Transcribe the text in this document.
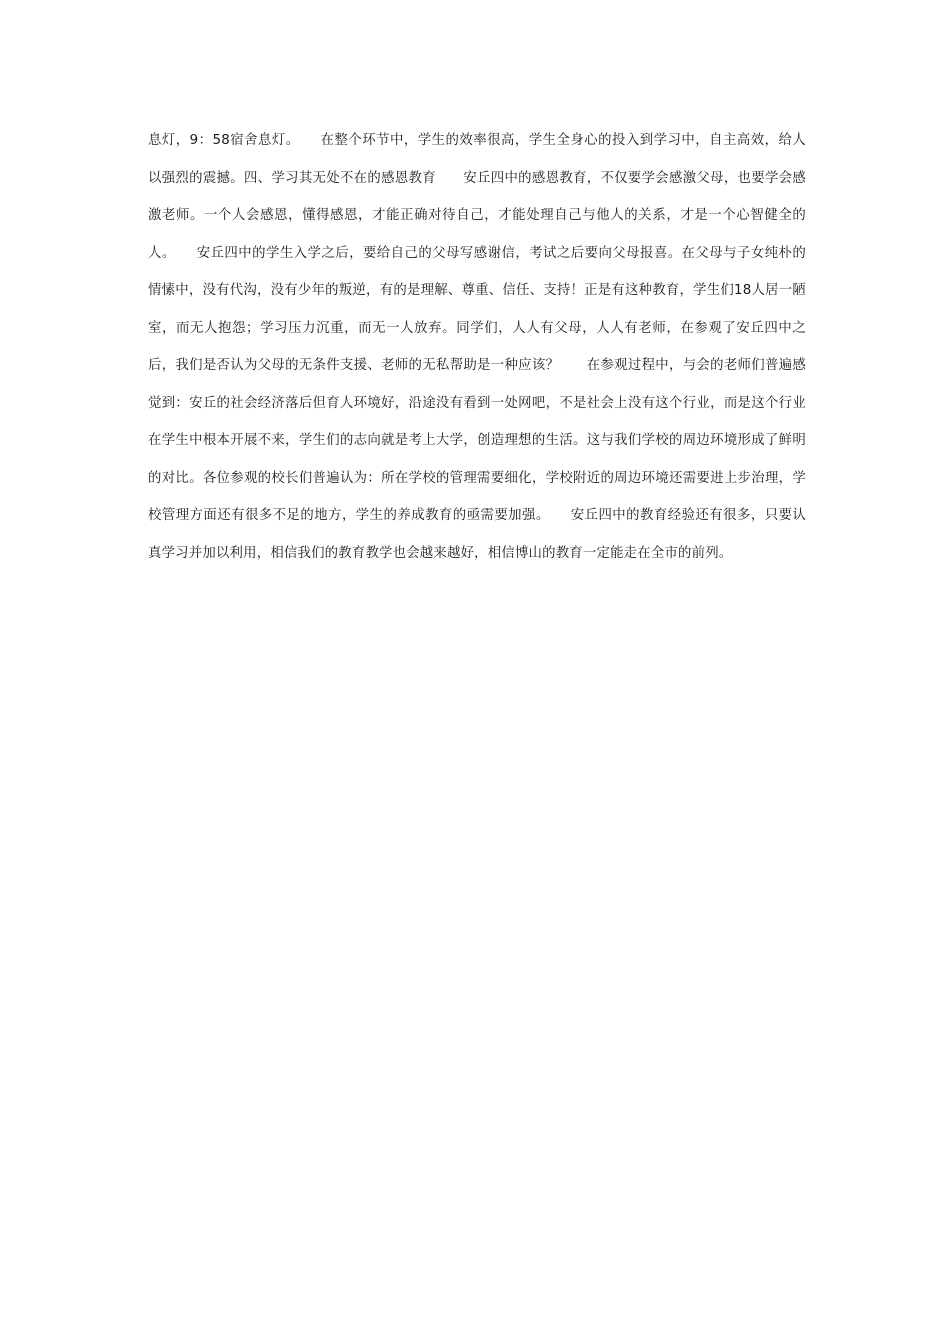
息灯，9：58宿舍息灯。　　在整个环节中，学生的效率很高，学生全身心的投入到学习中，自主高效，给人以强烈的震撼。四、学习其无处不在的感恩教育　　安丘四中的感恩教育，不仅要学会感激父母，也要学会感激老师。一个人会感恩，懂得感恩，才能正确对待自己，才能处理自己与他人的关系，才是一个心智健全的人。　　安丘四中的学生入学之后，要给自己的父母写感谢信，考试之后要向父母报喜。在父母与子女纯朴的情愫中，没有代沟，没有少年的叛逆，有的是理解、尊重、信任、支持！正是有这种教育，学生们18人居一陋室，而无人抱怨；学习压力沉重，而无一人放弃。同学们，人人有父母，人人有老师，在参观了安丘四中之后，我们是否认为父母的无条件支援、老师的无私帮助是一种应该？　　在参观过程中，与会的老师们普遍感觉到：安丘的社会经济落后但育人环境好，沿途没有看到一处网吧，不是社会上没有这个行业，而是这个行业在学生中根本开展不来，学生们的志向就是考上大学，创造理想的生活。这与我们学校的周边环境形成了鲜明的对比。各位参观的校长们普遍认为：所在学校的管理需要细化，学校附近的周边环境还需要进上步治理，学校管理方面还有很多不足的地方，学生的养成教育的亟需要加强。　　安丘四中的教育经验还有很多，只要认真学习并加以利用，相信我们的教育教学也会越来越好，相信博山的教育一定能走在全市的前列。
